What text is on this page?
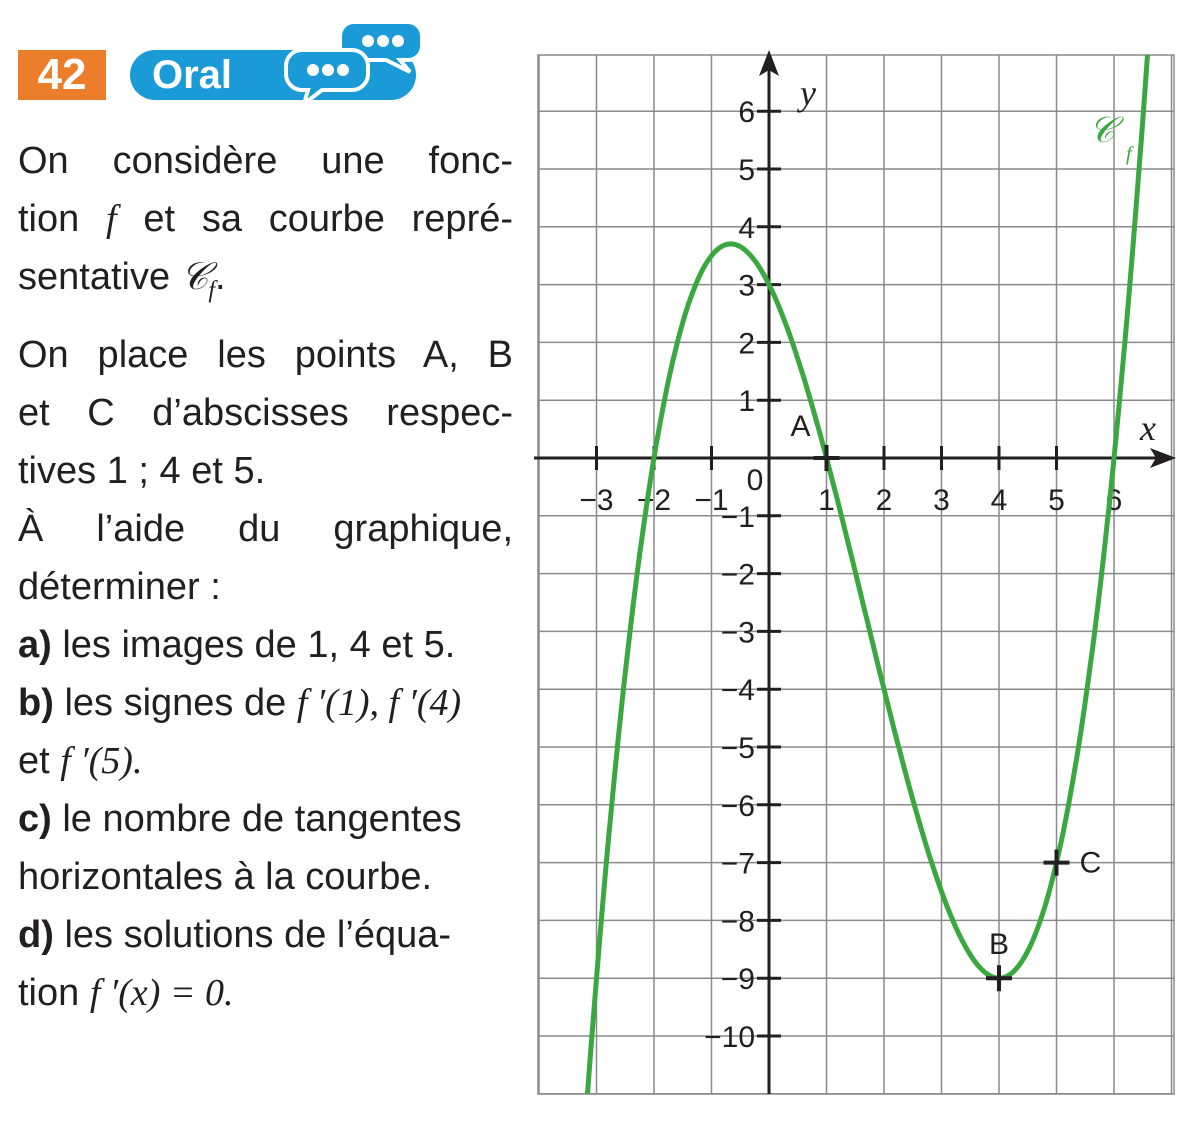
42	Oral
On considère une fonc-
tion f et sa courbe repré-
sentative 𝒞$_f$.
On place les points A, B
et C d’abscisses respec-
tives 1 ; 4 et 5.
À l’aide du graphique,
déterminer :
a) les images de 1, 4 et 5.
b) les signes de f ′(1), f ′(4)
et f ′(5).
c) le nombre de tangentes
horizontales à la courbe.
d) les solutions de l’équa-
tion f ′(x) = 0.
x
y
−3 −2 −1
0
1 2 3 4 5 6
6
5
4
3
2
1
−1
−2
−3
−4
−5
−6
−7
−8
−9
−10
𝒞
f
A
B
C
